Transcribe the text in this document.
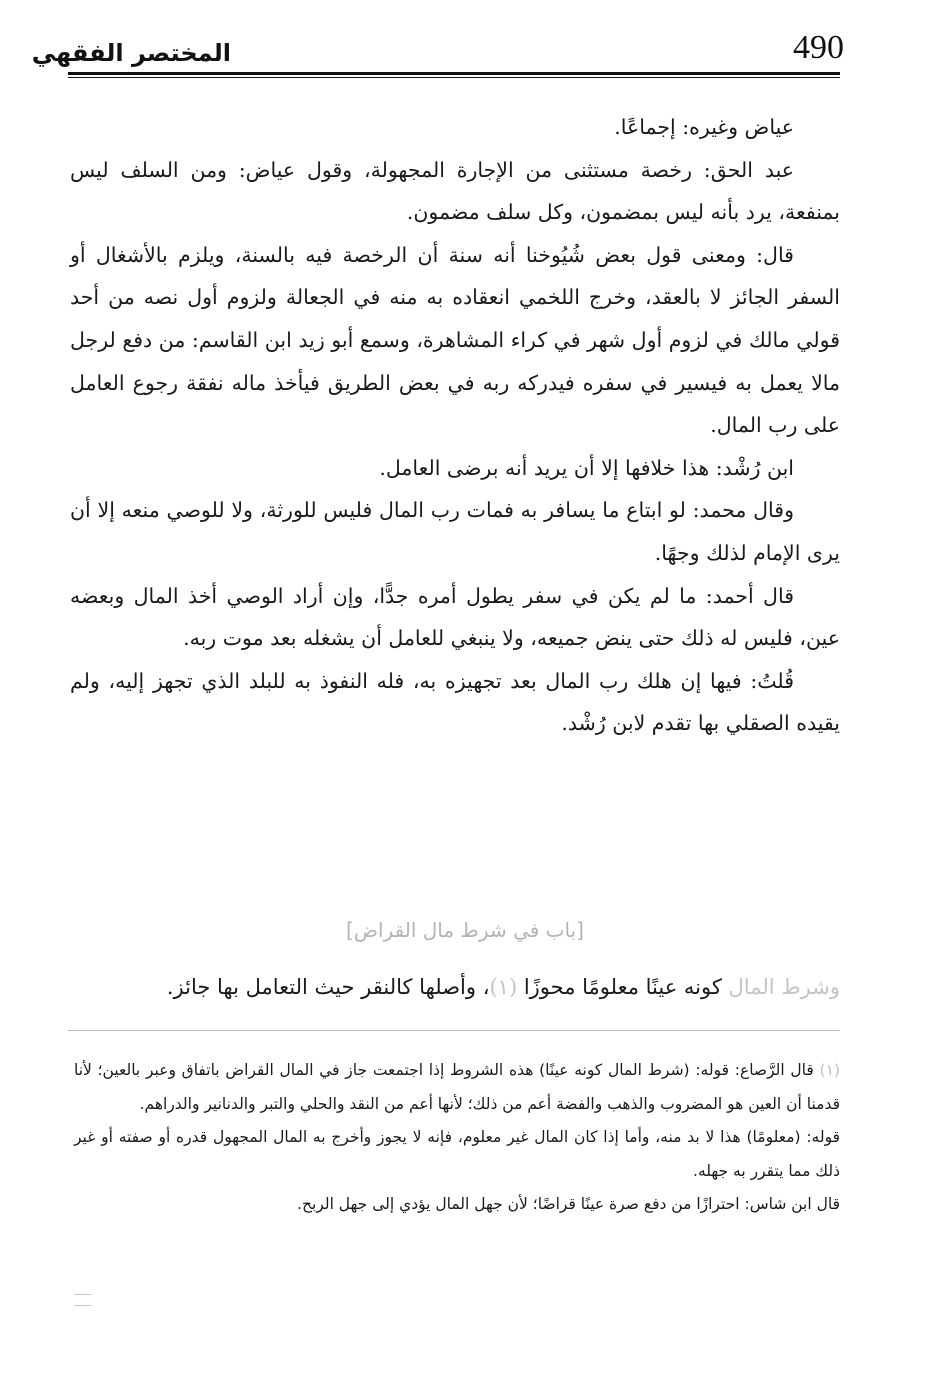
490
المختصر الفقهي

عياض وغيره: إجماعًا.

عبد الحق: رخصة مستثنى من الإجارة المجهولة، وقول عياض: ومن السلف ليس بمنفعة، يرد بأنه ليس بمضمون، وكل سلف مضمون.

قال: ومعنى قول بعض شُيُوخنا أنه سنة أن الرخصة فيه بالسنة، ويلزم بالأشغال أو السفر الجائز لا بالعقد، وخرج اللخمي انعقاده به منه في الجعالة ولزوم أول نصه من أحد قولي مالك في لزوم أول شهر في كراء المشاهرة، وسمع أبو زيد ابن القاسم: من دفع لرجل مالا يعمل به فيسير في سفره فيدركه ربه في بعض الطريق فيأخذ ماله نفقة رجوع العامل على رب المال.

ابن رُشْد: هذا خلافها إلا أن يريد أنه برضى العامل.

وقال محمد: لو ابتاع ما يسافر به فمات رب المال فليس للورثة، ولا للوصي منعه إلا أن يرى الإمام لذلك وجهًا.

قال أحمد: ما لم يكن في سفر يطول أمره جدًّا، وإن أراد الوصي أخذ المال وبعضه عين، فليس له ذلك حتى ينض جميعه، ولا ينبغي للعامل أن يشغله بعد موت ربه.

قُلتُ: فيها إن هلك رب المال بعد تجهيزه به، فله النفوذ به للبلد الذي تجهز إليه، ولم يقيده الصقلي بها تقدم لابن رُشْد.

[باب في شرط مال القراض]
وشرط المال كونه عينًا معلومًا محوزًا (١)، وأصلها كالنقر حيث التعامل بها جائز.

(١) قال الرَّصاع: قوله: (شرط المال كونه عينًا) هذه الشروط إذا اجتمعت جاز في المال القراض باتفاق وعبر بالعين؛ لأنا قدمنا أن العين هو المضروب والذهب والفضة أعم من ذلك؛ لأنها أعم من النقد والحلي والتبر والدنانير والدراهم.

قوله: (معلومًا) هذا لا بد منه، وأما إذا كان المال غير معلوم، فإنه لا يجوز وأخرج به المال المجهول قدره أو صفته أو غير ذلك مما يتقرر به جهله.

قال ابن شاس: احترازًا من دفع صرة عينًا قراضًا؛ لأن جهل المال يؤدي إلى جهل الربح.
